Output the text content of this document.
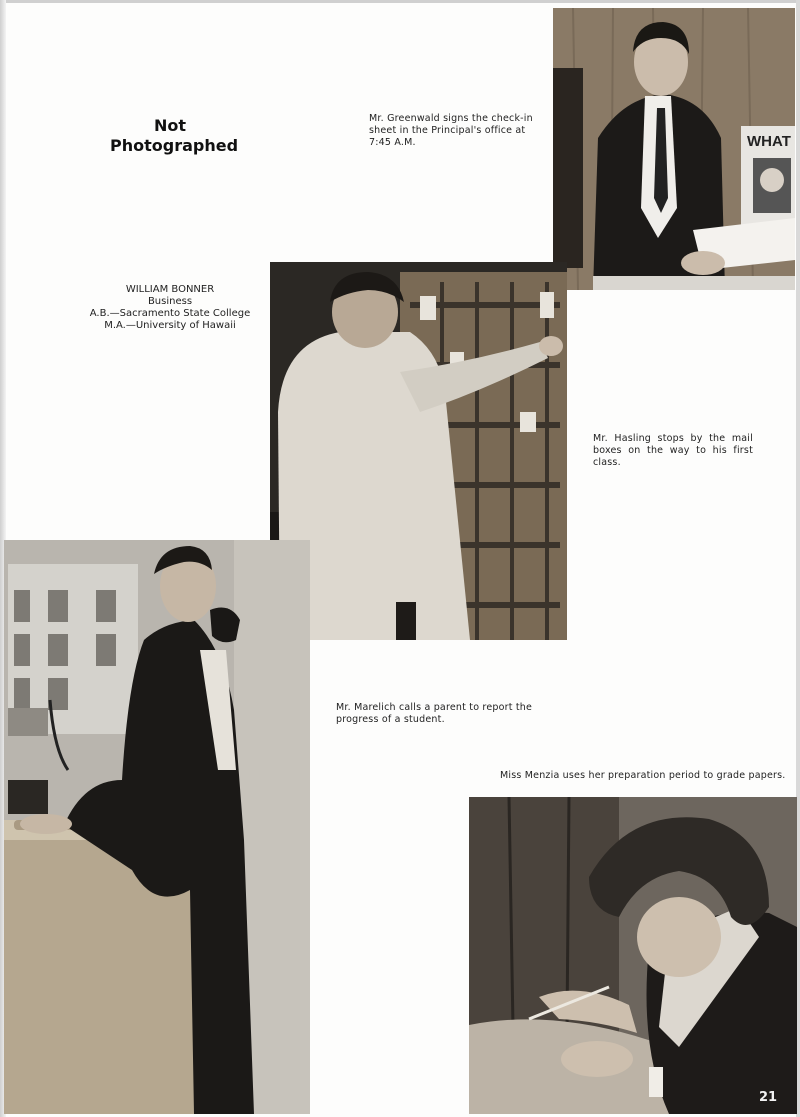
WHAT
Not
Photographed
Mr. Greenwald signs the check-in sheet in the Principal's office at 7:45 A.M.
WILLIAM BONNER
Business
A.B.—Sacramento State College
M.A.—University of Hawaii
Mr. Hasling stops by the mail boxes on the way to his first class.
Mr. Marelich calls a parent to report the progress of a student.
Miss Menzia uses her preparation period to grade papers.
21
